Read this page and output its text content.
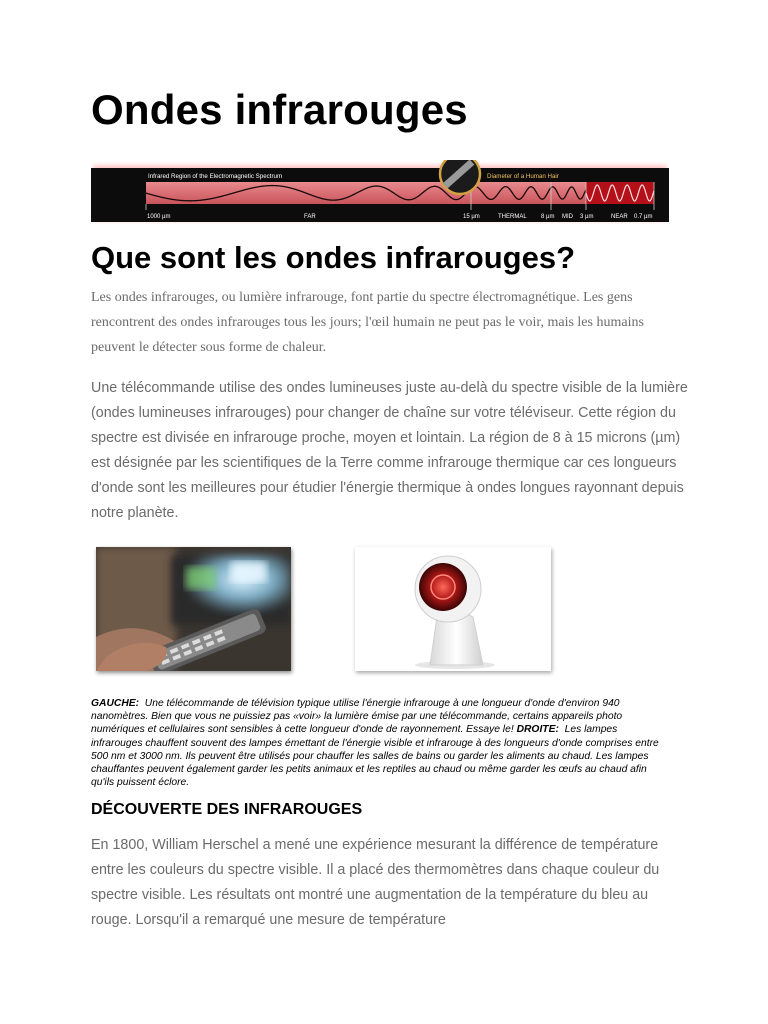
Ondes infrarouges
Infrared Region of the Electromagnetic Spectrum	Diameter of a Human Hair
1000 µm	FAR	15 µm	THERMAL 8 µm MID 3 µm	NEAR 0.7 µm
Que sont les ondes infrarouges?

Les ondes infrarouges, ou lumière infrarouge, font partie du spectre électromagnétique. Les gens rencontrent des ondes infrarouges tous les jours; l'œil humain ne peut pas le voir, mais les humains peuvent le détecter sous forme de chaleur.

Une télécommande utilise des ondes lumineuses juste au-delà du spectre visible de la lumière (ondes lumineuses infrarouges) pour changer de chaîne sur votre téléviseur. Cette région du spectre est divisée en infrarouge proche, moyen et lointain. La région de 8 à 15 microns (µm) est désignée par les scientifiques de la Terre comme infrarouge thermique car ces longueurs d'onde sont les meilleures pour étudier l'énergie thermique à ondes longues rayonnant depuis notre planète.

GAUCHE: Une télécommande de télévision typique utilise l'énergie infrarouge à une longueur d'onde d'environ 940 nanomètres. Bien que vous ne puissiez pas «voir» la lumière émise par une télécommande, certains appareils photo numériques et cellulaires sont sensibles à cette longueur d'onde de rayonnement. Essaye le! DROITE: Les lampes infrarouges chauffent souvent des lampes émettant de l'énergie visible et infrarouge à des longueurs d'onde comprises entre 500 nm et 3000 nm. Ils peuvent être utilisés pour chauffer les salles de bains ou garder les aliments au chaud. Les lampes chauffantes peuvent également garder les petits animaux et les reptiles au chaud ou même garder les œufs au chaud afin qu'ils puissent éclore.

DÉCOUVERTE DES INFRAROUGES

En 1800, William Herschel a mené une expérience mesurant la différence de température entre les couleurs du spectre visible. Il a placé des thermomètres dans chaque couleur du spectre visible. Les résultats ont montré une augmentation de la température du bleu au rouge. Lorsqu'il a remarqué une mesure de température
